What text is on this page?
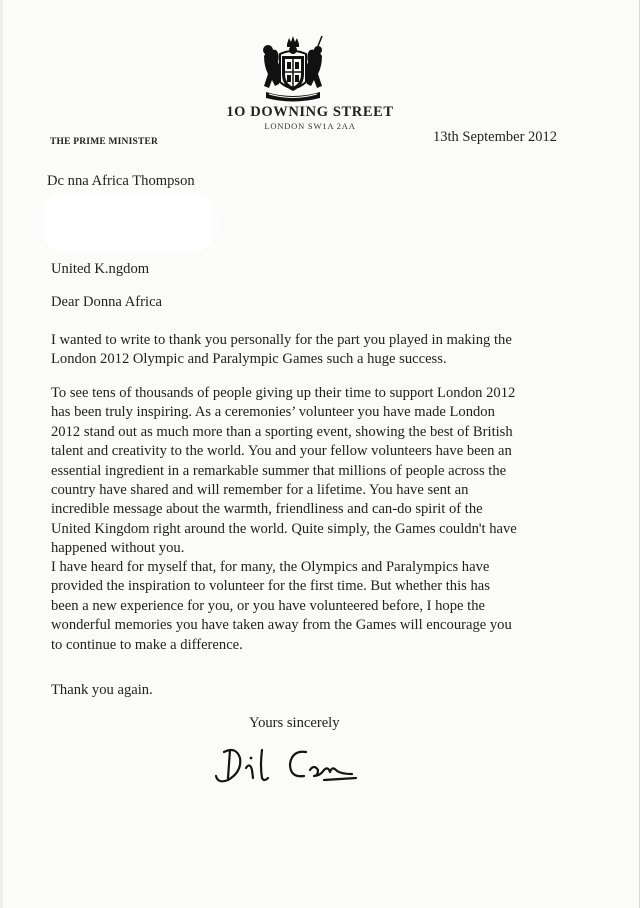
1O DOWNING STREET
LONDON SW1A 2AA
THE PRIME MINISTER	13th September 2012
Dc nna Africa Thompson
United K.ngdom
Dear Donna Africa
I wanted to write to thank you personally for the part you played in making the
London 2012 Olympic and Paralympic Games such a huge success.
To see tens of thousands of people giving up their time to support London 2012
has been truly inspiring. As a ceremonies’ volunteer you have made London
2012 stand out as much more than a sporting event, showing the best of British
talent and creativity to the world. You and your fellow volunteers have been an
essential ingredient in a remarkable summer that millions of people across the
country have shared and will remember for a lifetime. You have sent an
incredible message about the warmth, friendliness and can-do spirit of the
United Kingdom right around the world. Quite simply, the Games couldn't have
happened without you.
I have heard for myself that, for many, the Olympics and Paralympics have
provided the inspiration to volunteer for the first time. But whether this has
been a new experience for you, or you have volunteered before, I hope the
wonderful memories you have taken away from the Games will encourage you
to continue to make a difference.
Thank you again.
Yours sincerely
